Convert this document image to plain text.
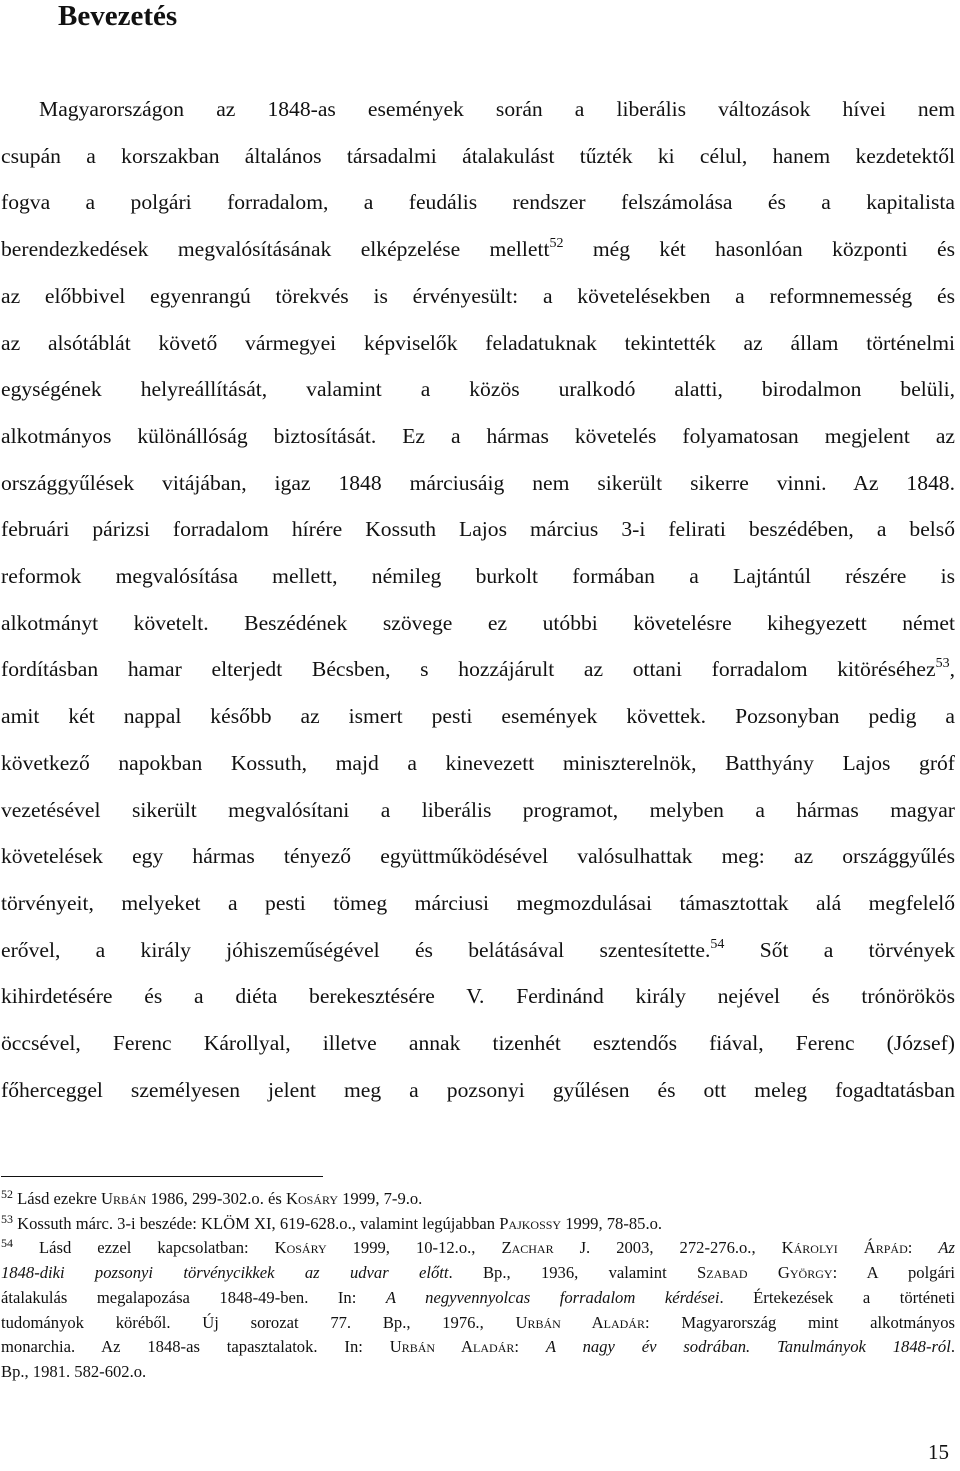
Bevezetés
Magyarországon az 1848-as események során a liberális változások hívei nem
csupán a korszakban általános társadalmi átalakulást tűzték ki célul, hanem kezdetektől
fogva a polgári forradalom, a feudális rendszer felszámolása és a kapitalista
berendezkedések megvalósításának elképzelése mellett$^{52}$ még két hasonlóan központi és
az előbbivel egyenrangú törekvés is érvényesült: a követelésekben a reformnemesség és
az alsótáblát követő vármegyei képviselők feladatuknak tekintették az állam történelmi
egységének helyreállítását, valamint a közös uralkodó alatti, birodalmon belüli,
alkotmányos különállóság biztosítását. Ez a hármas követelés folyamatosan megjelent az
országgyűlések vitájában, igaz 1848 márciusáig nem sikerült sikerre vinni. Az 1848.
februári párizsi forradalom hírére Kossuth Lajos március 3-i felirati beszédében, a belső
reformok megvalósítása mellett, némileg burkolt formában a Lajtántúl részére is
alkotmányt követelt. Beszédének szövege ez utóbbi követelésre kihegyezett német
fordításban hamar elterjedt Bécsben, s hozzájárult az ottani forradalom kitöréséhez$^{53}$,
amit két nappal később az ismert pesti események követtek. Pozsonyban pedig a
következő napokban Kossuth, majd a kinevezett miniszterelnök, Batthyány Lajos gróf
vezetésével sikerült megvalósítani a liberális programot, melyben a hármas magyar
követelések egy hármas tényező együttműködésével valósulhattak meg: az országgyűlés
törvényeit, melyeket a pesti tömeg márciusi megmozdulásai támasztottak alá megfelelő
erővel, a király jóhiszeműségével és belátásával szentesítette.$^{54}$ Sőt a törvények
kihirdetésére és a diéta berekesztésére V. Ferdinánd király nejével és trónörökös
öccsével, Ferenc Károllyal, illetve annak tizenhét esztendős fiával, Ferenc (József)
főherceggel személyesen jelent meg a pozsonyi gyűlésen és ott meleg fogadtatásban
$^{52}$ Lásd ezekre Urbán 1986, 299-302.o. és Kosáry 1999, 7-9.o.
$^{53}$ Kossuth márc. 3-i beszéde: KLÖM XI, 619-628.o., valamint legújabban Pajkossy 1999, 78-85.o.
$^{54}$ Lásd ezzel kapcsolatban: Kosáry 1999, 10-12.o., Zachar J. 2003, 272-276.o., Károlyi Árpád: Az
1848-diki pozsonyi törvénycikkek az udvar előtt. Bp., 1936, valamint Szabad György: A polgári
átalakulás megalapozása 1848-49-ben. In: A negyvennyolcas forradalom kérdései. Értekezések a történeti
tudományok köréből. Új sorozat 77. Bp., 1976., Urbán Aladár: Magyarország mint alkotmányos
monarchia. Az 1848-as tapasztalatok. In: Urbán Aladár: A nagy év sodrában. Tanulmányok 1848-ról.
Bp., 1981. 582-602.o.
15
